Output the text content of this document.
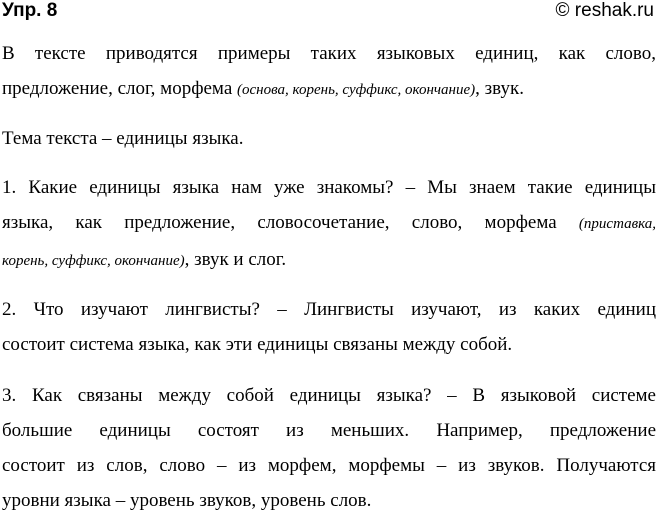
Упр. 8	© reshak.ru
В тексте приводятся примеры таких языковых единиц, как слово,
предложение, слог, морфема (основа, корень, суффикс, окончание), звук.
Тема текста – единицы языка.
1. Какие единицы языка нам уже знакомы? – Мы знаем такие единицы
языка, как предложение, словосочетание, слово, морфема (приставка,
корень, суффикс, окончание), звук и слог.
2. Что изучают лингвисты? – Лингвисты изучают, из каких единиц
состоит система языка, как эти единицы связаны между собой.
3. Как связаны между собой единицы языка? – В языковой системе
большие единицы состоят из меньших. Например, предложение
состоит из слов, слово – из морфем, морфемы – из звуков. Получаются
уровни языка – уровень звуков, уровень слов.
